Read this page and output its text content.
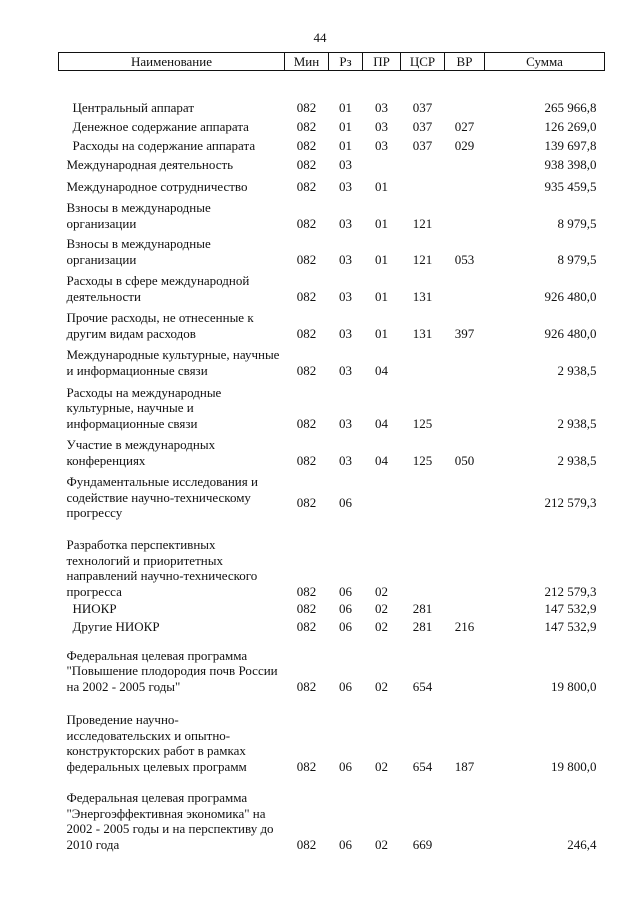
44
Наименование	Мин	Рз	ПР	ЦСР	ВР	Сумма

Центральный аппарат	082	01	03	037		265 966,8
Денежное содержание аппарата	082	01	03	037	027	126 269,0
Расходы на содержание аппарата	082	01	03	037	029	139 697,8
Международная деятельность	082	03				938 398,0
Международное сотрудничество	082	03	01			935 459,5
Взносы в международные организации	082	03	01	121		8 979,5
Взносы в международные организации	082	03	01	121	053	8 979,5
Расходы в сфере международной деятельности	082	03	01	131		926 480,0
Прочие расходы, не отнесенные к другим видам расходов	082	03	01	131	397	926 480,0
Международные культурные, научные и информационные связи	082	03	04			2 938,5
Расходы на международные культурные, научные и информационные связи	082	03	04	125		2 938,5
Участие в международных конференциях	082	03	04	125	050	2 938,5
Фундаментальные исследования и содействие научно-техническому прогрессу	082	06				212 579,3
Разработка перспективных технологий и приоритетных направлений научно-технического прогресса	082	06	02			212 579,3
НИОКР	082	06	02	281		147 532,9
Другие НИОКР	082	06	02	281	216	147 532,9
Федеральная целевая программа "Повышение плодородия почв России на 2002 - 2005 годы"	082	06	02	654		19 800,0
Проведение научно-исследовательских и опытно-конструкторских работ в рамках федеральных целевых программ	082	06	02	654	187	19 800,0
Федеральная целевая программа "Энергоэффективная экономика" на 2002 - 2005 годы и на перспективу до 2010 года	082	06	02	669		246,4
